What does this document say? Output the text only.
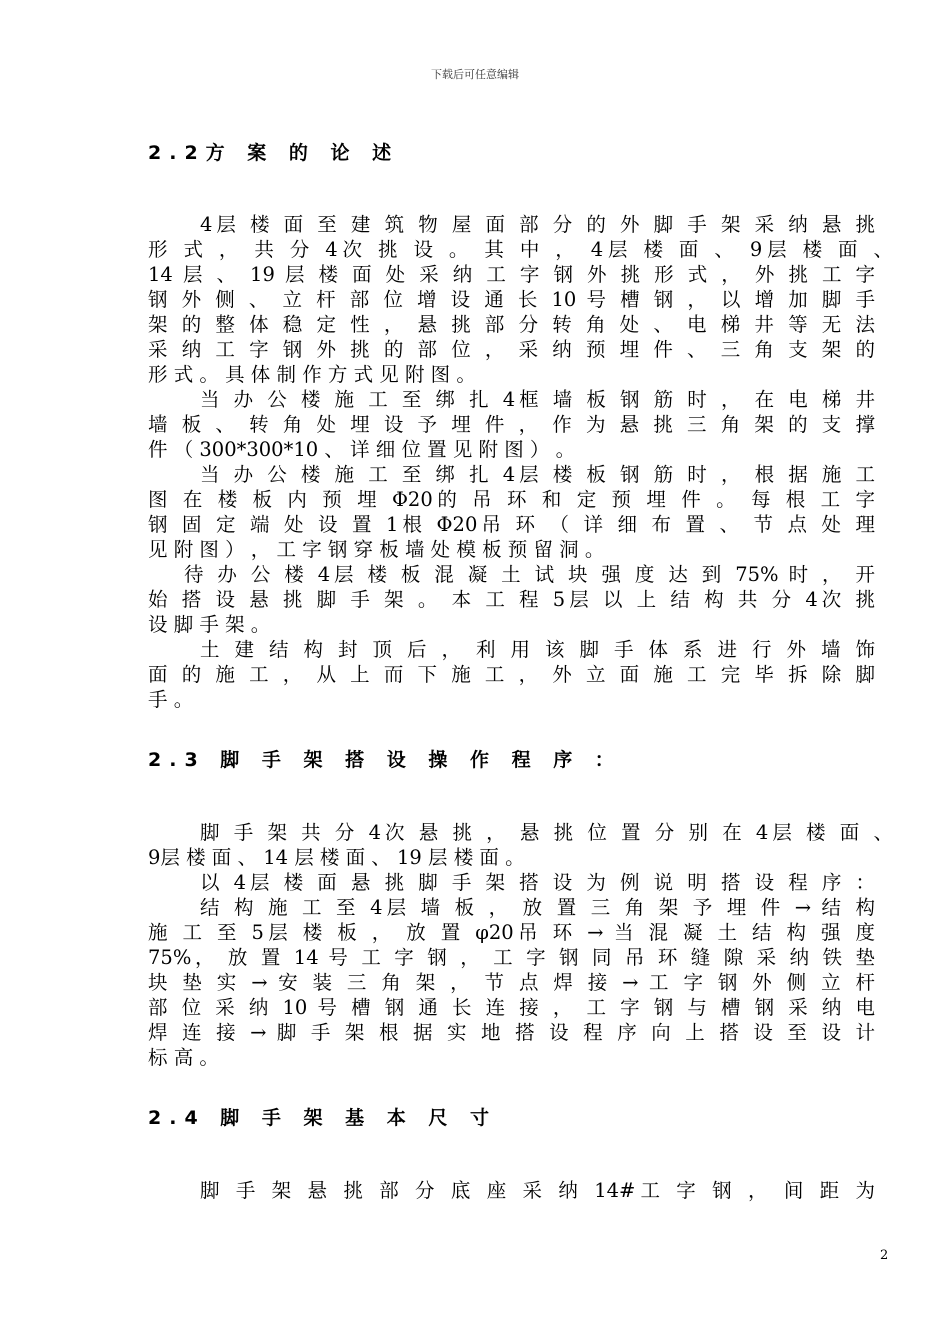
下载后可任意编辑
2.2方 案 的 论 述
4层 楼 面 至 建 筑 物 屋 面 部 分 的 外 脚 手 架 采 纳 悬 挑
形 式 ， 共 分 4次 挑 设 。 其 中 ， 4层 楼 面 、 9层 楼 面 、
14 层 、 19 层 楼 面 处 采 纳 工 字 钢 外 挑 形 式 ， 外 挑 工 字
钢 外 侧 、 立 杆 部 位 增 设 通 长 10 号 槽 钢 ， 以 增 加 脚 手
架 的 整 体 稳 定 性 ， 悬 挑 部 分 转 角 处 、 电 梯 井 等 无 法
采 纳 工 字 钢 外 挑 的 部 位 ， 采 纳 预 埋 件 、 三 角 支 架 的
形 式 。 具 体 制 作 方 式 见 附 图 。
当 办 公 楼 施 工 至 绑 扎 4框 墙 板 钢 筋 时 ， 在 电 梯 井
墙 板 、 转 角 处 埋 设 予 埋 件 ， 作 为 悬 挑 三 角 架 的 支 撑
件 （ 300*300*10 、 详 细 位 置 见 附 图 ） 。
当 办 公 楼 施 工 至 绑 扎 4层 楼 板 钢 筋 时 ， 根 据 施 工
图 在 楼 板 内 预 埋 Φ20的 吊 环 和 定 预 埋 件 。 每 根 工 字
钢 固 定 端 处 设 置 1根 Φ20吊 环 （ 详 细 布 置 、 节 点 处 理
见 附 图 ） ， 工 字 钢 穿 板 墙 处 模 板 预 留 洞 。
待 办 公 楼 4层 楼 板 混 凝 土 试 块 强 度 达 到 75% 时 ， 开
始 搭 设 悬 挑 脚 手 架 。 本 工 程 5层 以 上 结 构 共 分 4次 挑
设 脚 手 架 。
土 建 结 构 封 顶 后 ， 利 用 该 脚 手 体 系 进 行 外 墙 饰
面 的 施 工 ， 从 上 而 下 施 工 ， 外 立 面 施 工 完 毕 拆 除 脚
手 。
2.3 脚 手 架 搭 设 操 作 程 序 ：
脚 手 架 共 分 4次 悬 挑 ， 悬 挑 位 置 分 别 在 4层 楼 面 、
9层 楼 面 、 14 层 楼 面 、 19 层 楼 面 。
以 4层 楼 面 悬 挑 脚 手 架 搭 设 为 例 说 明 搭 设 程 序 ：
结 构 施 工 至 4层 墙 板 ， 放 置 三 角 架 予 埋 件 → 结 构
施 工 至 5层 楼 板 ， 放 置 φ20吊 环 → 当 混 凝 土 结 构 强 度
75%， 放 置 14 号 工 字 钢 ， 工 字 钢 同 吊 环 缝 隙 采 纳 铁 垫
块 垫 实 → 安 装 三 角 架 ， 节 点 焊 接 → 工 字 钢 外 侧 立 杆
部 位 采 纳 10 号 槽 钢 通 长 连 接 ， 工 字 钢 与 槽 钢 采 纳 电
焊 连 接 → 脚 手 架 根 据 实 地 搭 设 程 序 向 上 搭 设 至 设 计
标 高 。
2.4 脚 手 架 基 本 尺 寸
脚 手 架 悬 挑 部 分 底 座 采 纳 14#工 字 钢 ， 间 距 为
2
